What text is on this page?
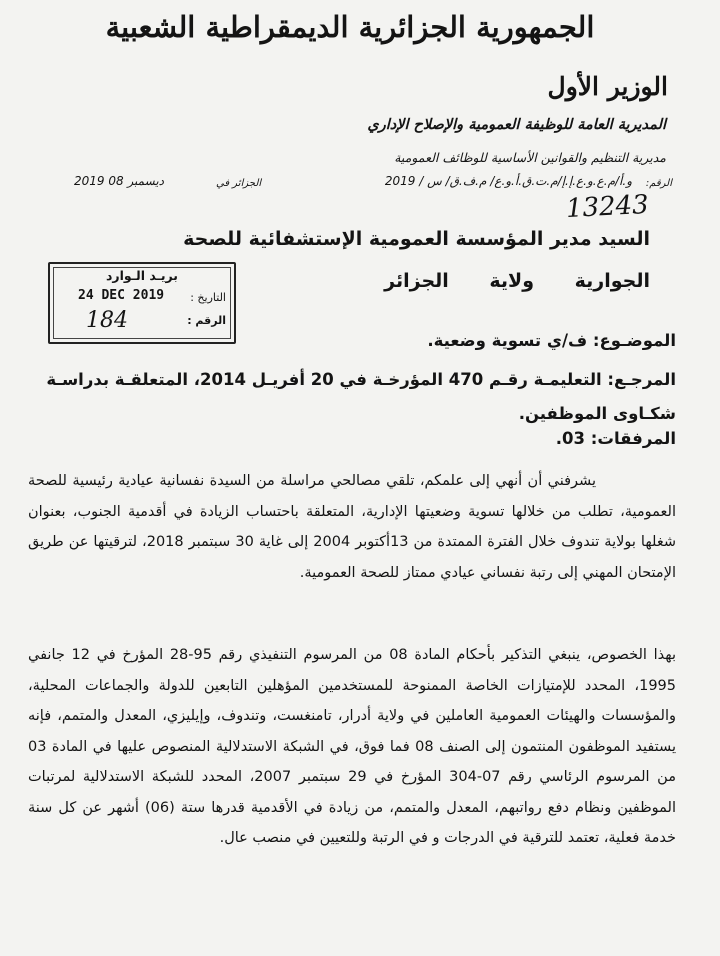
الجمهورية الجزائرية الديمقراطية الشعبية
الوزير الأول
المديرية العامة للوظيفة العمومية والإصلاح الإداري
مديرية التنظيم والقوانين الأساسية للوظائف العمومية
الرقم:
و.أ/م.ع.و.ع.إ.إ/م.ت.ق.أ.و.ع/ م.ف.ق/ س / 2019
الجزائر في
2019 08 ديسمبر
13243
السيد مدير المؤسسة العمومية الإستشفائية للصحة
الجوارية ولاية الجزائر
بريـد الـوارد
التاريخ :
24 DEC 2019
الرقم :
184
الموضـوع: ف/ي تسوية وضعية.
المرجـع: التعليمـة رقـم 470 المؤرخـة في 20 أفريـل 2014، المتعلقـة بدراسـة شكـاوى الموظفين.
المرفقات: 03.
يشرفني أن أنهي إلى علمكم، تلقي مصالحي مراسلة من السيدة نفسانية عيادية رئيسية للصحة العمومية، تطلب من خلالها تسوية وضعيتها الإدارية، المتعلقة باحتساب الزيادة في أقدمية الجنوب، بعنوان شغلها بولاية تندوف خلال الفترة الممتدة من 13أكتوبر 2004 إلى غاية 30 سبتمبر 2018، لترقيتها عن طريق الإمتحان المهني إلى رتبة نفساني عيادي ممتاز للصحة العمومية.
بهذا الخصوص، ينبغي التذكير بأحكام المادة 08 من المرسوم التنفيذي رقم 95-28 المؤرخ في 12 جانفي 1995، المحدد للإمتيازات الخاصة الممنوحة للمستخدمين المؤهلين التابعين للدولة والجماعات المحلية، والمؤسسات والهيئات العمومية العاملين في ولاية أدرار، تامنغست، وتندوف، وإيليزي، المعدل والمتمم، فإنه يستفيد الموظفون المنتمون إلى الصنف 08 فما فوق، في الشبكة الاستدلالية المنصوص عليها في المادة 03 من المرسوم الرئاسي رقم 07-304 المؤرخ في 29 سبتمبر 2007، المحدد للشبكة الاستدلالية لمرتبات الموظفين ونظام دفع رواتبهم، المعدل والمتمم، من زيادة في الأقدمية قدرها ستة (06) أشهر عن كل سنة خدمة فعلية، تعتمد للترقية في الدرجات و في الرتبة وللتعيين في منصب عال.
